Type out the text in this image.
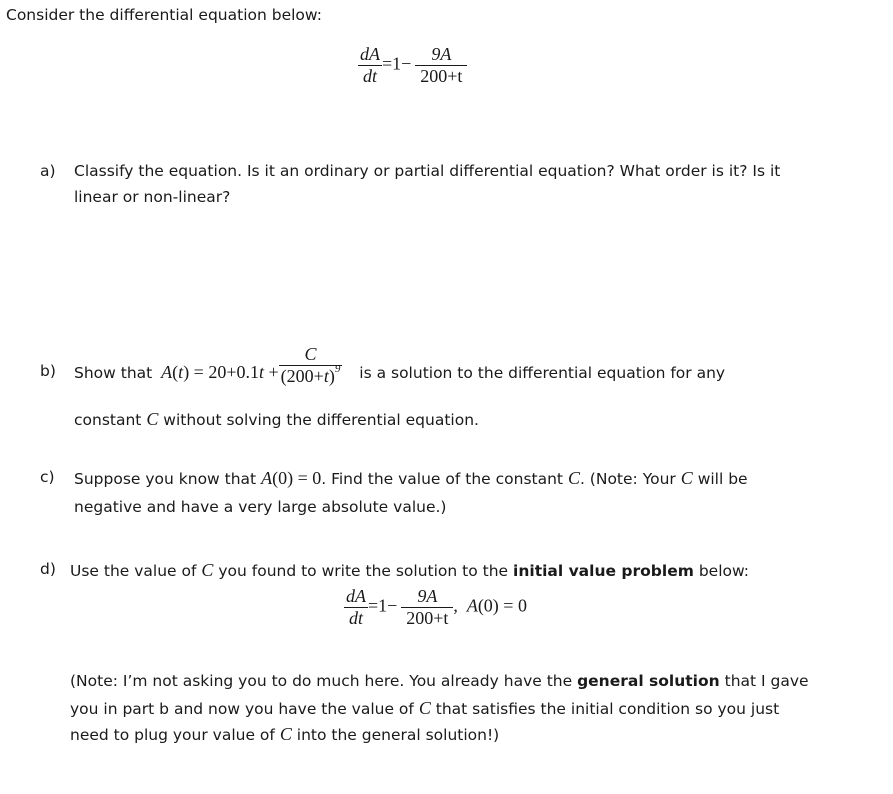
Consider the differential equation below:
$\frac{dA}{dt} =1- \frac{9A}{200+t}$
a) Classify the equation. Is it an ordinary or partial differential equation? What order is it? Is it
linear or non-linear?
b) Show that $A(t) = 20+0.1t + \frac{C}{(200+t)^9}$ is a solution to the differential equation for any
constant C without solving the differential equation.
c) Suppose you know that A(0) = 0. Find the value of the constant C. (Note: Your C will be
negative and have a very large absolute value.)
d) Use the value of C you found to write the solution to the initial value problem below:
$\frac{dA}{dt} =1- \frac{9A}{200+t}$ ,  A(0) = 0
(Note: I’m not asking you to do much here. You already have the general solution that I gave
you in part b and now you have the value of C that satisfies the initial condition so you just
need to plug your value of C into the general solution!)
